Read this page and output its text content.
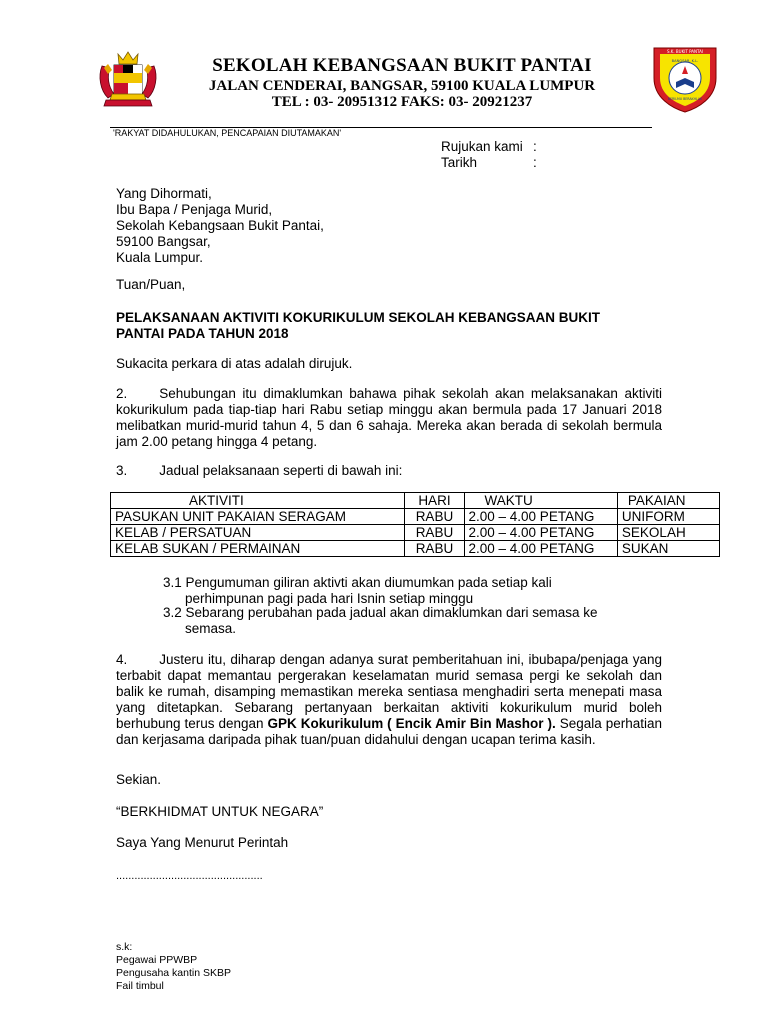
S.K. BUKIT PANTAI
BANGSAR, K.L.
BERILMU BERAKHLAK
SEKOLAH KEBANGSAAN BUKIT PANTAI
JALAN CENDERAI, BANGSAR, 59100 KUALA LUMPUR
TEL : 03- 20951312 FAKS: 03- 20921237
'RAKYAT DIDAHULUKAN, PENCAPAIAN DIUTAMAKAN'
Rujukan kami :
Tarikh	:
Yang Dihormati,
Ibu Bapa / Penjaga Murid,
Sekolah Kebangsaan Bukit Pantai,
59100 Bangsar,
Kuala Lumpur.
Tuan/Puan,
PELAKSANAAN AKTIVITI KOKURIKULUM SEKOLAH KEBANGSAAN BUKIT
PANTAI PADA TAHUN 2018
Sukacita perkara di atas adalah dirujuk.
2. Sehubungan itu dimaklumkan bahawa pihak sekolah akan melaksanakan aktiviti kokurikulum pada tiap-tiap hari Rabu setiap minggu akan bermula pada 17 Januari 2018 melibatkan murid-murid tahun 4, 5 dan 6 sahaja. Mereka akan berada di sekolah bermula jam 2.00 petang hingga 4 petang.
3. Jadual pelaksanaan seperti di bawah ini:
AKTIVITI	HARI	WAKTU	PAKAIAN
PASUKAN UNIT PAKAIAN SERAGAM	RABU	2.00 – 4.00 PETANG	UNIFORM
KELAB / PERSATUAN	RABU	2.00 – 4.00 PETANG	SEKOLAH
KELAB SUKAN / PERMAINAN	RABU	2.00 – 4.00 PETANG	SUKAN
3.1 Pengumuman giliran aktivti akan diumumkan pada setiap kali
perhimpunan pagi pada hari Isnin setiap minggu
3.2 Sebarang perubahan pada jadual akan dimaklumkan dari semasa ke
semasa.
4. Justeru itu, diharap dengan adanya surat pemberitahuan ini, ibubapa/penjaga yang terbabit dapat memantau pergerakan keselamatan murid semasa pergi ke sekolah dan balik ke rumah, disamping memastikan mereka sentiasa menghadiri serta menepati masa yang ditetapkan. Sebarang pertanyaan berkaitan aktiviti kokurikulum murid boleh berhubung terus dengan GPK Kokurikulum ( Encik Amir Bin Mashor ). Segala perhatian dan kerjasama daripada pihak tuan/puan didahului dengan ucapan terima kasih.
Sekian.
“BERKHIDMAT UNTUK NEGARA”
Saya Yang Menurut Perintah
................................................
s.k:
Pegawai PPWBP
Pengusaha kantin SKBP
Fail timbul
